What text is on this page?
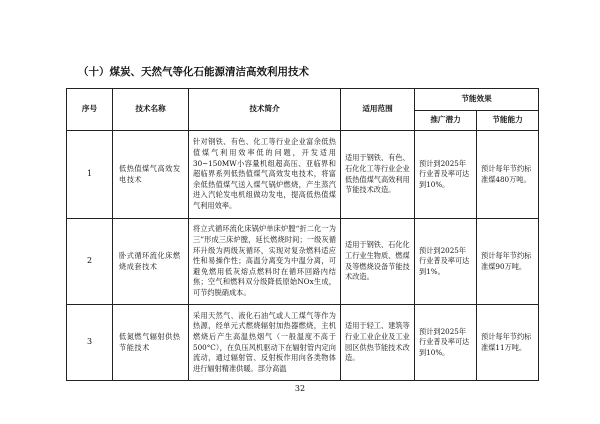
（十）煤炭、天然气等化石能源清洁高效利用技术
序号	技术名称	技术简介	适用范围	节能效果	
				推广潜力	节能能力
1	低热值煤气高效发电技术	针对钢铁、有色、化工等行业企业富余低热值煤气利用效率低的问题，开发适用30~150MW小容量机组超高压、亚临界和超临界系列低热值煤气高效发电技术，将富余低热值煤气送入煤气锅炉燃烧，产生蒸汽进入汽轮发电机组做功发电，提高低热值煤气利用效率。	适用于钢铁、有色、石化化工等行业企业低热值煤气高效利用节能技术改造。	预计到2025年行业普及率可达到10%。	预计每年节约标准煤480万吨。
2	卧式循环流化床燃烧成套技术	将立式循环流化床锅炉单床炉膛“折二化一为三”形成三床炉膛，延长燃烧时间；一级灰循环升级为两级灰循环，实现对复杂燃料适应性和易操作性；高温分离变为中温分离，可避免燃用低灰熔点燃料时在循环回路内结焦；空气和燃料双分级降低原始NOx生成，可节约脱硝成本。	适用于钢铁、石化化工行业生物质、燃煤及等燃烧设备节能技术改造。	预计到2025年行业普及率可达到1%。	预计每年节约标准煤90万吨。
3	低氮燃气辐射供热节能技术	采用天然气、液化石油气或人工煤气等作为热源，经单元式燃烧辐射加热器燃烧，主机燃烧后产生高温热烟气（一般温度不高于500°C），在负压风机驱动下在辐射管内定向流动，通过辐射管、反射板作用向各类物体进行辐射精准供暖。部分高温	适用于轻工、建筑等行业工业企业及工业园区供热节能技术改造。	预计到2025年行业普及率可达到10%。	预计每年节约标准煤11万吨。
32
